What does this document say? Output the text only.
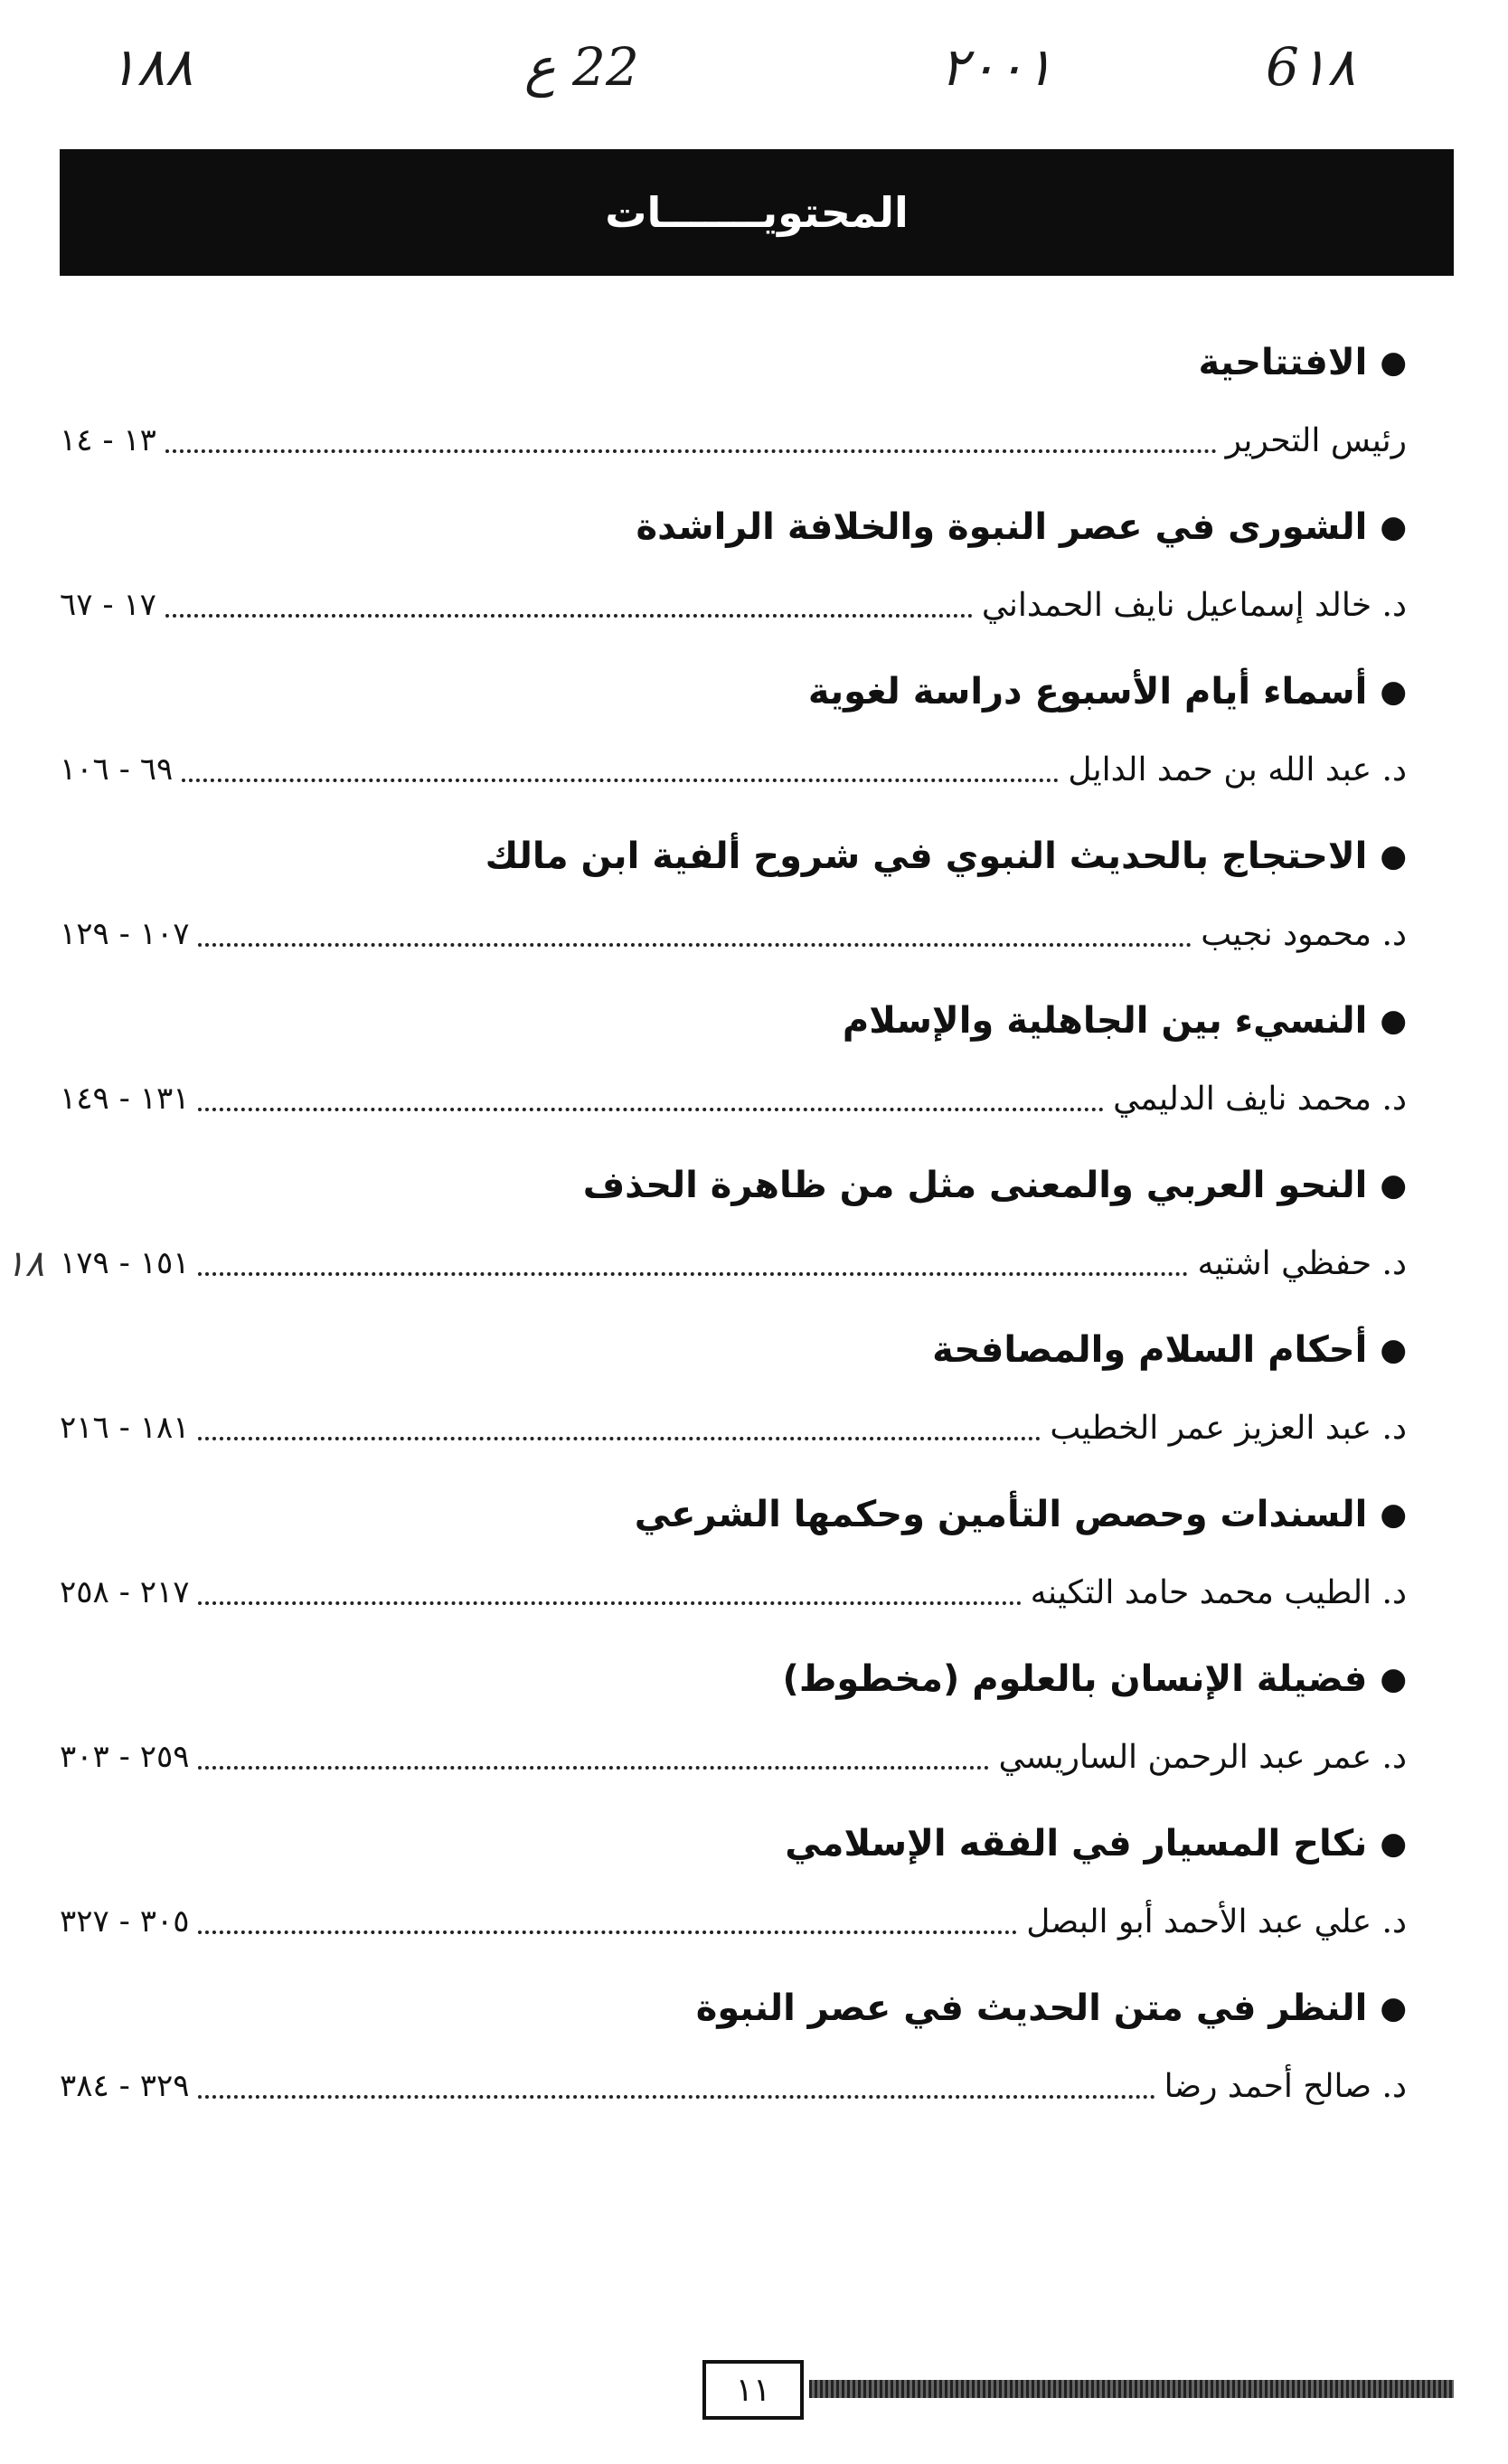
١٨٨	22 ع	٢٠٠١	6١٨
١٨
المحتويـــــــات
●
الافتتاحية
رئيس التحرير
١٣ - ١٤
●
الشورى في عصر النبوة والخلافة الراشدة
د. خالد إسماعيل نايف الحمداني
١٧ - ٦٧
●
أسماء أيام الأسبوع دراسة لغوية
د. عبد الله بن حمد الدايل
٦٩ - ١٠٦
●
الاحتجاج بالحديث النبوي في شروح ألفية ابن مالك
د. محمود نجيب
١٠٧ - ١٢٩
●
النسيء بين الجاهلية والإسلام
د. محمد نايف الدليمي
١٣١ - ١٤٩
●
النحو العربي والمعنى مثل من ظاهرة الحذف
د. حفظي اشتيه
١٥١ - ١٧٩
●
أحكام السلام والمصافحة
د. عبد العزيز عمر الخطيب
١٨١ - ٢١٦
●
السندات وحصص التأمين وحكمها الشرعي
د. الطيب محمد حامد التكينه
٢١٧ - ٢٥٨
●
فضيلة الإنسان بالعلوم (مخطوط)
د. عمر عبد الرحمن الساريسي
٢٥٩ - ٣٠٣
●
نكاح المسيار في الفقه الإسلامي
د. علي عبد الأحمد أبو البصل
٣٠٥ - ٣٢٧
●
النظر في متن الحديث في عصر النبوة
د. صالح أحمد رضا
٣٢٩ - ٣٨٤
١١
